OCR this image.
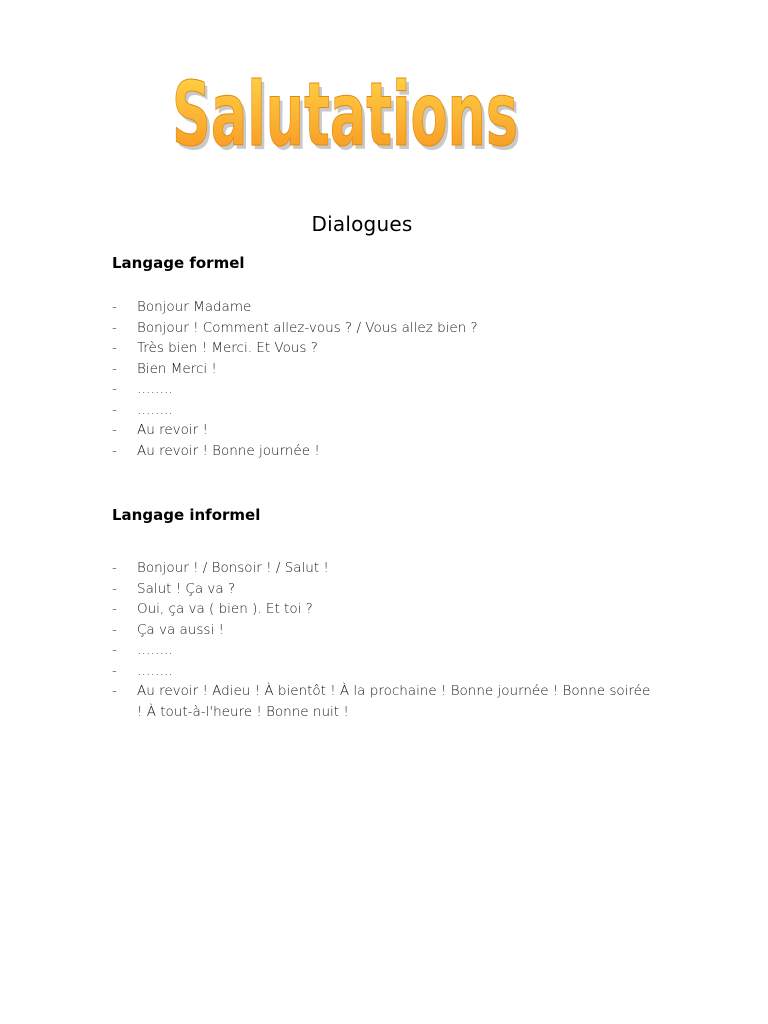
Salutations
Salutations
Dialogues
Langage formel
-	Bonjour Madame
-	Bonjour ! Comment allez-vous ? / Vous allez bien ?
-	Très bien ! Merci. Et Vous ?
-	Bien Merci !
-	……..
-	……..
-	Au revoir !
-	Au revoir ! Bonne journée !
Langage informel
-	Bonjour ! / Bonsoir ! / Salut !
-	Salut ! Ça va ?
-	Oui, ça va ( bien ). Et toi ?
-	Ça va aussi !
-	……..
-	……..
-	Au revoir ! Adieu ! À bientôt ! À la prochaine ! Bonne journée ! Bonne soirée ! À tout-à-l'heure ! Bonne nuit !
